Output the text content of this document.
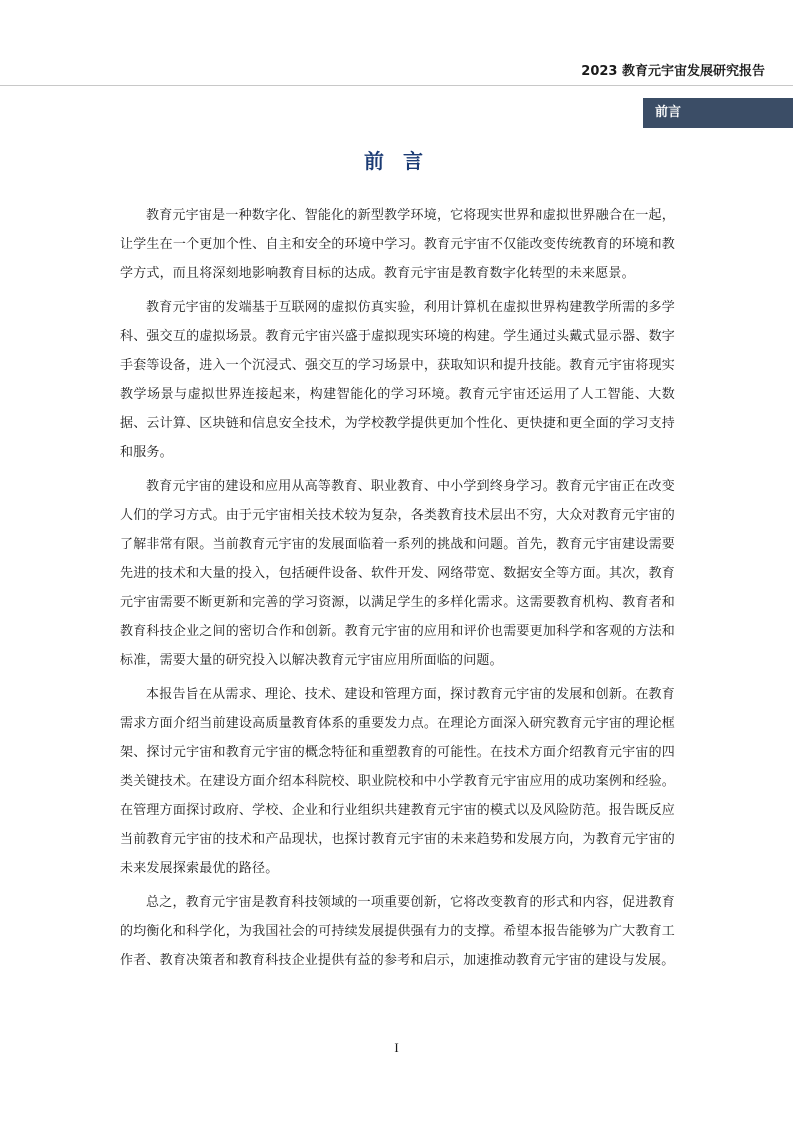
2023 教育元宇宙发展研究报告
前言
前 言

教育元宇宙是一种数字化、智能化的新型教学环境，它将现实世界和虚拟世界融合在一起，让学生在一个更加个性、自主和安全的环境中学习。教育元宇宙不仅能改变传统教育的环境和教学方式，而且将深刻地影响教育目标的达成。教育元宇宙是教育数字化转型的未来愿景。

教育元宇宙的发端基于互联网的虚拟仿真实验，利用计算机在虚拟世界构建教学所需的多学科、强交互的虚拟场景。教育元宇宙兴盛于虚拟现实环境的构建。学生通过头戴式显示器、数字手套等设备，进入一个沉浸式、强交互的学习场景中，获取知识和提升技能。教育元宇宙将现实教学场景与虚拟世界连接起来，构建智能化的学习环境。教育元宇宙还运用了人工智能、大数据、云计算、区块链和信息安全技术，为学校教学提供更加个性化、更快捷和更全面的学习支持和服务。

教育元宇宙的建设和应用从高等教育、职业教育、中小学到终身学习。教育元宇宙正在改变人们的学习方式。由于元宇宙相关技术较为复杂，各类教育技术层出不穷，大众对教育元宇宙的了解非常有限。当前教育元宇宙的发展面临着一系列的挑战和问题。首先，教育元宇宙建设需要先进的技术和大量的投入，包括硬件设备、软件开发、网络带宽、数据安全等方面。其次，教育元宇宙需要不断更新和完善的学习资源，以满足学生的多样化需求。这需要教育机构、教育者和教育科技企业之间的密切合作和创新。教育元宇宙的应用和评价也需要更加科学和客观的方法和标准，需要大量的研究投入以解决教育元宇宙应用所面临的问题。

本报告旨在从需求、理论、技术、建设和管理方面，探讨教育元宇宙的发展和创新。在教育需求方面介绍当前建设高质量教育体系的重要发力点。在理论方面深入研究教育元宇宙的理论框架、探讨元宇宙和教育元宇宙的概念特征和重塑教育的可能性。在技术方面介绍教育元宇宙的四类关键技术。在建设方面介绍本科院校、职业院校和中小学教育元宇宙应用的成功案例和经验。在管理方面探讨政府、学校、企业和行业组织共建教育元宇宙的模式以及风险防范。报告既反应当前教育元宇宙的技术和产品现状，也探讨教育元宇宙的未来趋势和发展方向，为教育元宇宙的未来发展探索最优的路径。

总之，教育元宇宙是教育科技领域的一项重要创新，它将改变教育的形式和内容，促进教育的均衡化和科学化，为我国社会的可持续发展提供强有力的支撑。希望本报告能够为广大教育工作者、教育决策者和教育科技企业提供有益的参考和启示，加速推动教育元宇宙的建设与发展。

I
